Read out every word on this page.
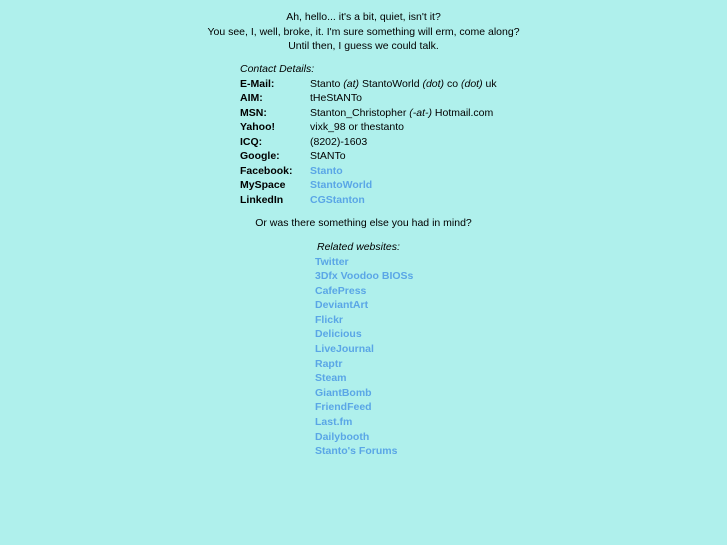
Ah, hello... it's a bit, quiet, isn't it?
You see, I, well, broke, it. I'm sure something will erm, come along?
Until then, I guess we could talk.
Contact Details:
E-Mail:	Stanto (at) StantoWorld (dot) co (dot) uk
AIM:	tHeStANTo
MSN:	Stanton_Christopher (-at-) Hotmail.com
Yahoo!	vixk_98 or thestanto
ICQ:	(8202)-1603
Google:	StANTo
Facebook:	Stanto
MySpace	StantoWorld
LinkedIn	CGStanton
Or was there something else you had in mind?
Related websites:
Twitter
3Dfx Voodoo BIOSs
CafePress
DeviantArt
Flickr
Delicious
LiveJournal
Raptr
Steam
GiantBomb
FriendFeed
Last.fm
Dailybooth
Stanto's Forums
